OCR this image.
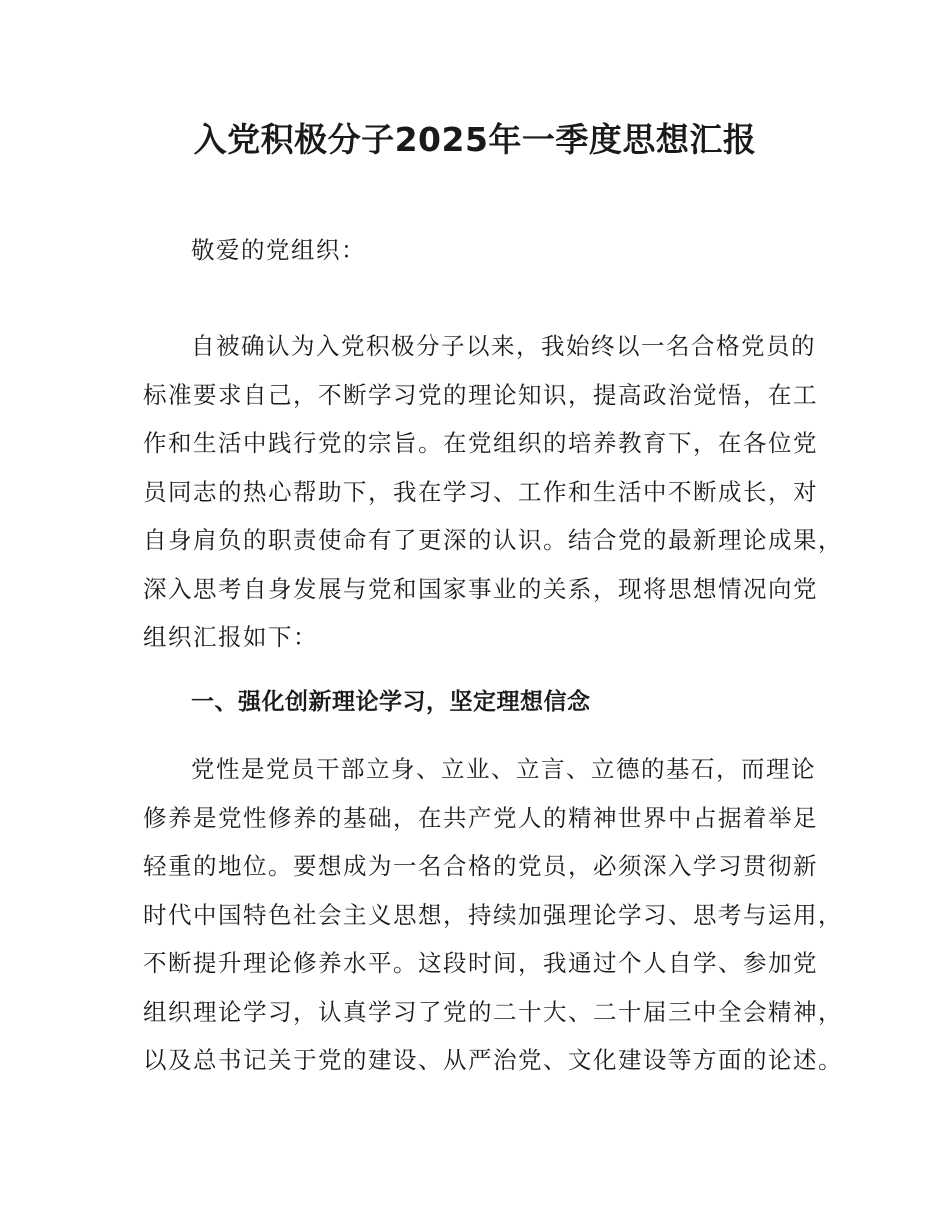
入党积极分子2025年一季度思想汇报

敬爱的党组织：

自被确认为入党积极分子以来，我始终以一名合格党员的
标准要求自己，不断学习党的理论知识，提高政治觉悟，在工
作和生活中践行党的宗旨。在党组织的培养教育下，在各位党
员同志的热心帮助下，我在学习、工作和生活中不断成长，对
自身肩负的职责使命有了更深的认识。结合党的最新理论成果，
深入思考自身发展与党和国家事业的关系，现将思想情况向党
组织汇报如下：
一、强化创新理论学习，坚定理想信念
党性是党员干部立身、立业、立言、立德的基石，而理论
修养是党性修养的基础，在共产党人的精神世界中占据着举足
轻重的地位。要想成为一名合格的党员，必须深入学习贯彻新
时代中国特色社会主义思想，持续加强理论学习、思考与运用，
不断提升理论修养水平。这段时间，我通过个人自学、参加党
组织理论学习，认真学习了党的二十大、二十届三中全会精神，
以及总书记关于党的建设、从严治党、文化建设等方面的论述。
